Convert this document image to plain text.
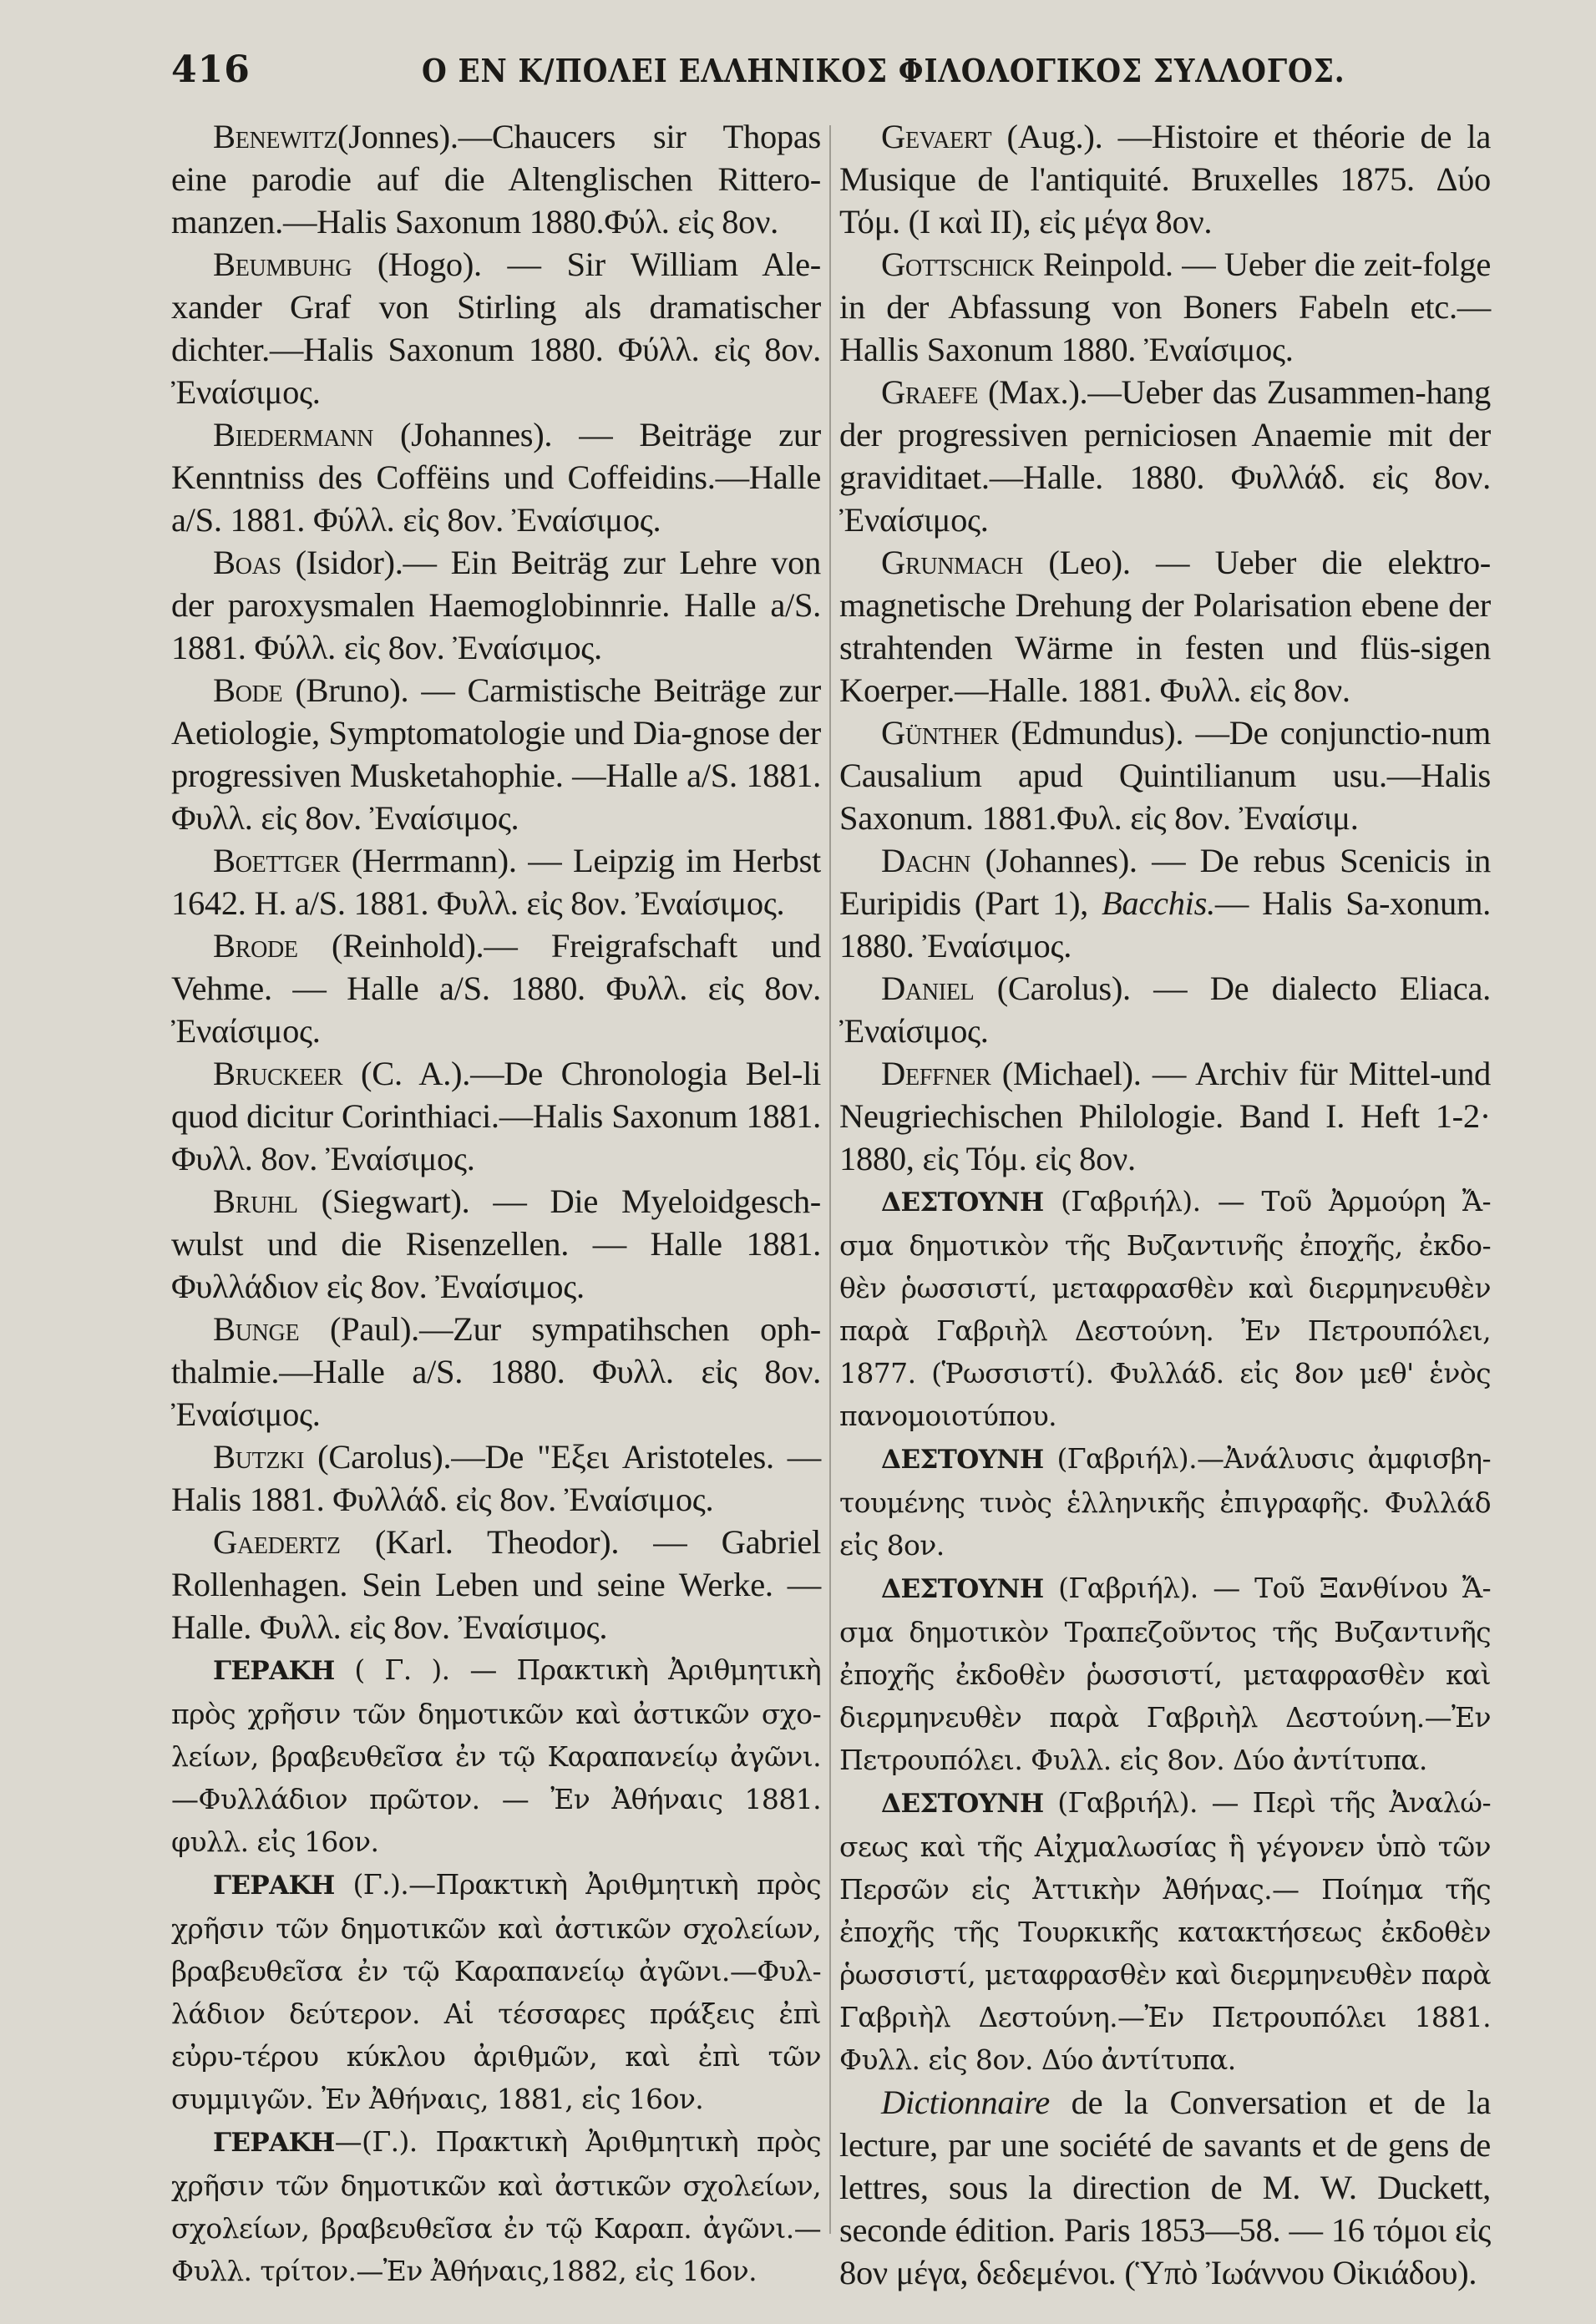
416	Ο ΕΝ Κ/ΠΟΛΕΙ ΕΛΛΗΝΙΚΟΣ ΦΙΛΟΛΟΓΙΚΟΣ ΣΥΛΛΟΓΟΣ.

Benewitz(Jonnes).—Chaucers sir Thopas eine parodie auf die Altenglischen Rittero-manzen.—Halis Saxonum 1880.Φύλ. εἰς 8ον.

Beumbuhg (Hogo). — Sir William Ale-xander Graf von Stirling als dramatischer dichter.—Halis Saxonum 1880. Φύλλ. εἰς 8ον. Ἐναίσιμος.

Biedermann (Johannes). — Beiträge zur Kenntniss des Coffëins und Coffeidins.—Halle a/S. 1881. Φύλλ. εἰς 8ον. Ἐναίσιμος.

Boas (Isidor).— Ein Beiträg zur Lehre von der paroxysmalen Haemoglobinnrie. Halle a/S. 1881. Φύλλ. εἰς 8ον. Ἐναίσιμος.

Bode (Bruno). — Carmistische Beiträge zur Aetiologie, Symptomatologie und Dia-gnose der progressiven Musketahophie. —Halle a/S. 1881. Φυλλ. εἰς 8ον. Ἐναίσιμος.

Boettger (Herrmann). — Leipzig im Herbst 1642. H. a/S. 1881. Φυλλ. εἰς 8ον. Ἐναίσιμος.

Brode (Reinhold).— Freigrafschaft und Vehme. — Halle a/S. 1880. Φυλλ. εἰς 8ον. Ἐναίσιμος.

Bruckeer (C. A.).—De Chronologia Bel-li quod dicitur Corinthiaci.—Halis Saxonum 1881. Φυλλ. 8ον. Ἐναίσιμος.

Bruhl (Siegwart). — Die Myeloidgesch-wulst und die Risenzellen. — Halle 1881. Φυλλάδιον εἰς 8ον. Ἐναίσιμος.

Bunge (Paul).—Zur sympatihschen oph-thalmie.—Halle a/S. 1880. Φυλλ. εἰς 8ον. Ἐναίσιμος.

Butzki (Carolus).—De "Εξει Aristoteles. —Halis 1881. Φυλλάδ. εἰς 8ον. Ἐναίσιμος.

Gaedertz (Karl. Theodor). — Gabriel Rollenhagen. Sein Leben und seine Werke. —Halle. Φυλλ. εἰς 8ον. Ἐναίσιμος.

ΓΕΡΑΚΗ ( Γ. ). — Πρακτικὴ Ἀριθμητικὴ πρὸς χρῆσιν τῶν δημοτικῶν καὶ ἀστικῶν σχο-λείων, βραβευθεῖσα ἐν τῷ Καραπανείῳ ἀγῶνι. —Φυλλάδιον πρῶτον. — Ἐν Ἀθήναις 1881. φυλλ. εἰς 16ον.

ΓΕΡΑΚΗ (Γ.).—Πρακτικὴ Ἀριθμητικὴ πρὸς χρῆσιν τῶν δημοτικῶν καὶ ἀστικῶν σχολείων, βραβευθεῖσα ἐν τῷ Καραπανείῳ ἀγῶνι.—Φυλ-λάδιον δεύτερον. Αἱ τέσσαρες πράξεις ἐπὶ εὐρυ-τέρου κύκλου ἀριθμῶν, καὶ ἐπὶ τῶν συμμιγῶν. Ἐν Ἀθήναις, 1881, εἰς 16ον.

ΓΕΡΑΚΗ—(Γ.). Πρακτικὴ Ἀριθμητικὴ πρὸς χρῆσιν τῶν δημοτικῶν καὶ ἀστικῶν σχολείων, σχολείων, βραβευθεῖσα ἐν τῷ Καραπ. ἀγῶνι.— Φυλλ. τρίτον.—Ἐν Ἀθήναις,1882, εἰς 16ον.

Gevaert (Aug.). —Histoire et théorie de la Musique de l'antiquité. Bruxelles 1875. Δύο Τόμ. (I καὶ II), εἰς μέγα 8ον.

Gottschick Reinpold. — Ueber die zeit-folge in der Abfassung von Boners Fabeln etc.—Hallis Saxonum 1880. Ἐναίσιμος.

Graefe (Max.).—Ueber das Zusammen-hang der progressiven perniciosen Anaemie mit der graviditaet.—Halle. 1880. Φυλλάδ. εἰς 8ον. Ἐναίσιμος.

Grunmach (Leo). — Ueber die elektro-magnetische Drehung der Polarisation ebene der strahtenden Wärme in festen und flüs-sigen Koerper.—Halle. 1881. Φυλλ. εἰς 8ον.

Günther (Edmundus). —De conjunctio-num Causalium apud Quintilianum usu.—Halis Saxonum. 1881.Φυλ. εἰς 8ον. Ἐναίσιμ.

Dachn (Johannes). — De rebus Scenicis in Euripidis (Part 1), Bacchis.— Halis Sa-xonum. 1880. Ἐναίσιμος.

Daniel (Carolus). — De dialecto Eliaca. Ἐναίσιμος.

Deffner (Michael). — Archiv für Mittel-und Neugriechischen Philologie. Band I. Heft 1-2· 1880, εἰς Τόμ. εἰς 8ον.

ΔΕΣΤΟΥΝΗ (Γαβριήλ). — Τοῦ Ἀρμούρη Ἄ-σμα δημοτικὸν τῆς Βυζαντινῆς ἐποχῆς, ἐκδο-θὲν ῥωσσιστί, μεταφρασθὲν καὶ διερμηνευθὲν παρὰ Γαβριὴλ Δεστούνη. Ἐν Πετρουπόλει, 1877. (Ῥωσσιστί). Φυλλάδ. εἰς 8ον μεθ' ἑνὸς πανομοιοτύπου.

ΔΕΣΤΟΥΝΗ (Γαβριήλ).—Ἀνάλυσις ἀμφισβη-τουμένης τινὸς ἑλληνικῆς ἐπιγραφῆς. Φυλλάδ εἰς 8ον.

ΔΕΣΤΟΥΝΗ (Γαβριήλ). — Τοῦ Ξανθίνου Ἄ-σμα δημοτικὸν Τραπεζοῦντος τῆς Βυζαντινῆς ἐποχῆς ἐκδοθὲν ῥωσσιστί, μεταφρασθὲν καὶ διερμηνευθὲν παρὰ Γαβριὴλ Δεστούνη.—Ἐν Πετρουπόλει. Φυλλ. εἰς 8ον. Δύο ἀντίτυπα.

ΔΕΣΤΟΥΝΗ (Γαβριήλ). — Περὶ τῆς Ἀναλώ-σεως καὶ τῆς Αἰχμαλωσίας ἣ γέγονεν ὑπὸ τῶν Περσῶν εἰς Ἀττικὴν Ἀθήνας.— Ποίημα τῆς ἐποχῆς τῆς Τουρκικῆς κατακτήσεως ἐκδοθὲν ῥωσσιστί, μεταφρασθὲν καὶ διερμηνευθὲν παρὰ Γαβριὴλ Δεστούνη.—Ἐν Πετρουπόλει 1881. Φυλλ. εἰς 8ον. Δύο ἀντίτυπα.

Dictionnaire de la Conversation et de la lecture, par une société de savants et de gens de lettres, sous la direction de M. W. Duckett, seconde édition. Paris 1853—58. — 16 τόμοι εἰς 8ον μέγα, δεδεμένοι. (Ὑπὸ Ἰωάννου Οἰκιάδου).
